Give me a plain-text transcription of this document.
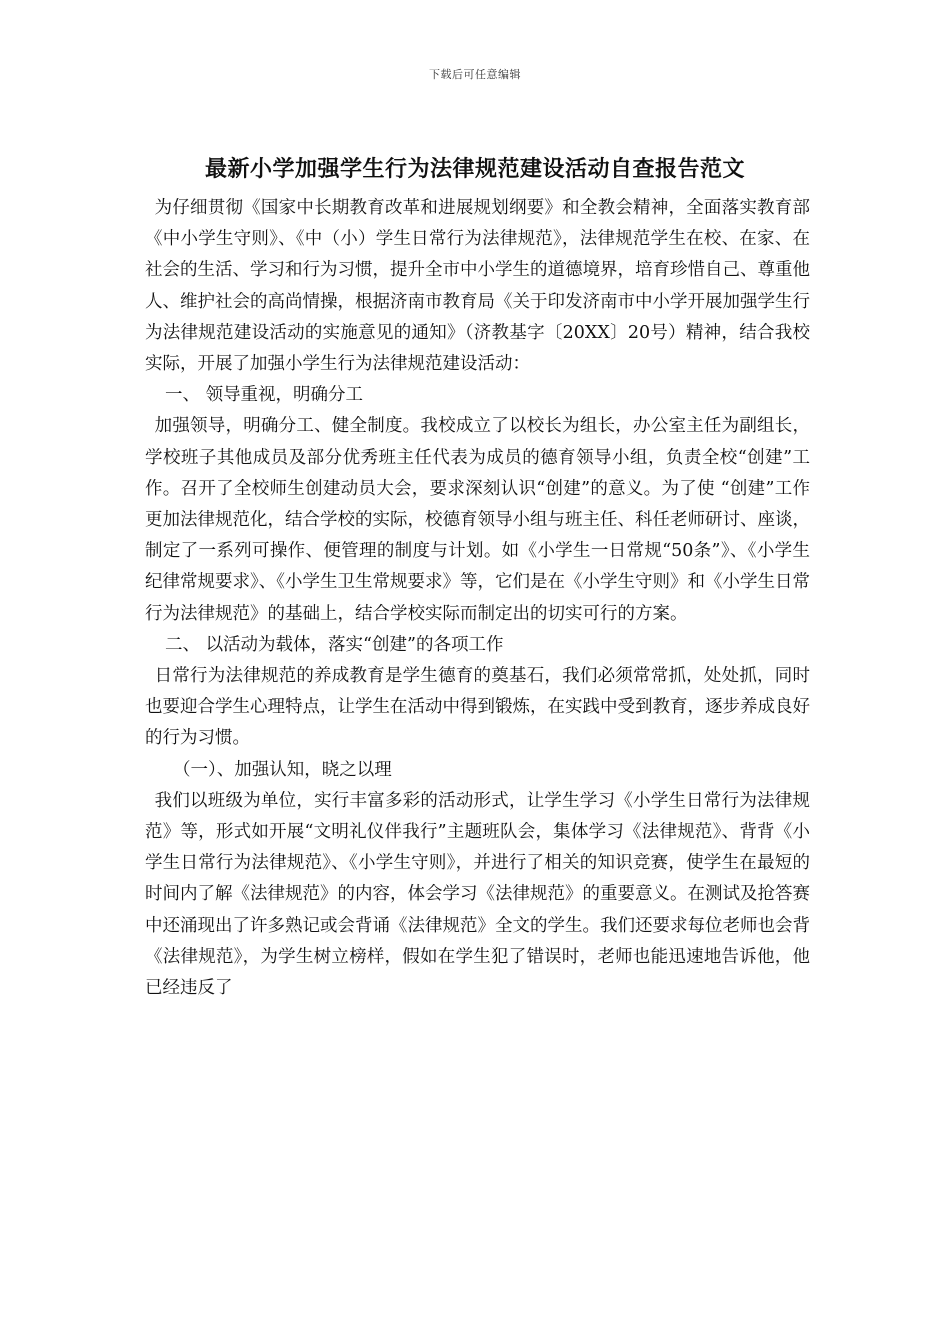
下载后可任意编辑
最新小学加强学生行为法律规范建设活动自查报告范文

为仔细贯彻《国家中长期教育改革和进展规划纲要》和全教会精神，全面落实教育部《中小学生守则》、《中（小）学生日常行为法律规范》，法律规范学生在校、在家、在社会的生活、学习和行为习惯，提升全市中小学生的道德境界，培育珍惜自己、尊重他人、维护社会的高尚情操，根据济南市教育局《关于印发济南市中小学开展加强学生行为法律规范建设活动的实施意见的通知》（济教基字〔20XX〕20号）精神，结合我校实际，开展了加强小学生行为法律规范建设活动：

一、 领导重视，明确分工

加强领导，明确分工、健全制度。我校成立了以校长为组长，办公室主任为副组长，学校班子其他成员及部分优秀班主任代表为成员的德育领导小组，负责全校“创建”工作。召开了全校师生创建动员大会，要求深刻认识“创建”的意义。为了使 “创建”工作更加法律规范化，结合学校的实际，校德育领导小组与班主任、科任老师研讨、座谈，制定了一系列可操作、便管理的制度与计划。如《小学生一日常规“50条”》、《小学生纪律常规要求》、《小学生卫生常规要求》等，它们是在《小学生守则》和《小学生日常行为法律规范》的基础上，结合学校实际而制定出的切实可行的方案。

二、 以活动为载体，落实“创建”的各项工作

日常行为法律规范的养成教育是学生德育的奠基石，我们必须常常抓，处处抓，同时也要迎合学生心理特点，让学生在活动中得到锻炼，在实践中受到教育，逐步养成良好的行为习惯。

（一）、加强认知，晓之以理

我们以班级为单位，实行丰富多彩的活动形式，让学生学习《小学生日常行为法律规范》等，形式如开展“文明礼仪伴我行”主题班队会，集体学习《法律规范》、背背《小学生日常行为法律规范》、《小学生守则》，并进行了相关的知识竞赛，使学生在最短的时间内了解《法律规范》的内容，体会学习《法律规范》的重要意义。在测试及抢答赛中还涌现出了许多熟记或会背诵《法律规范》全文的学生。我们还要求每位老师也会背《法律规范》，为学生树立榜样，假如在学生犯了错误时，老师也能迅速地告诉他，他已经违反了
